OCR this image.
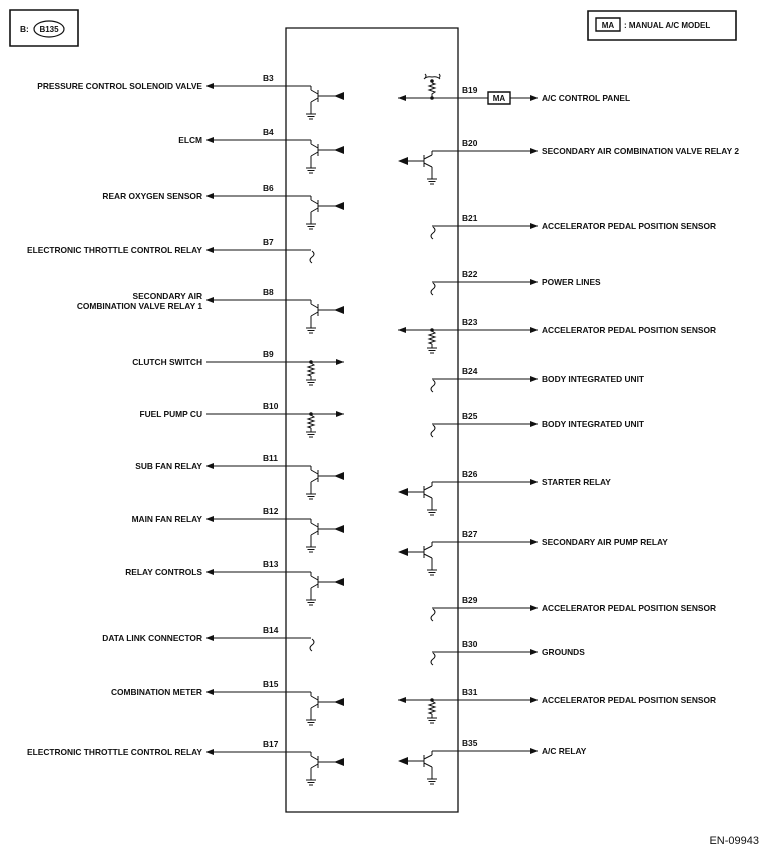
B: B135	MA : MANUAL A/C MODEL
PRESSURE CONTROL SOLENOID VALVE
B3
ELCM
B4
REAR OXYGEN SENSOR
B6
ELECTRONIC THROTTLE CONTROL RELAY
B7
SECONDARY AIR
COMBINATION VALVE RELAY 1
B8
CLUTCH SWITCH
B9
FUEL PUMP CU
B10
SUB FAN RELAY
B11
MAIN FAN RELAY
B12
RELAY CONTROLS
B13
DATA LINK CONNECTOR
B14
COMBINATION METER
B15
ELECTRONIC THROTTLE CONTROL RELAY
B17
A/C CONTROL PANEL
B19
MA
SECONDARY AIR COMBINATION VALVE RELAY 2
B20
ACCELERATOR PEDAL POSITION SENSOR
B21
POWER LINES
B22
ACCELERATOR PEDAL POSITION SENSOR
B23
BODY INTEGRATED UNIT
B24
BODY INTEGRATED UNIT
B25
STARTER RELAY
B26
SECONDARY AIR PUMP RELAY
B27
ACCELERATOR PEDAL POSITION SENSOR
B29
GROUNDS
B30
ACCELERATOR PEDAL POSITION SENSOR
B31
A/C RELAY
B35
EN-09943
